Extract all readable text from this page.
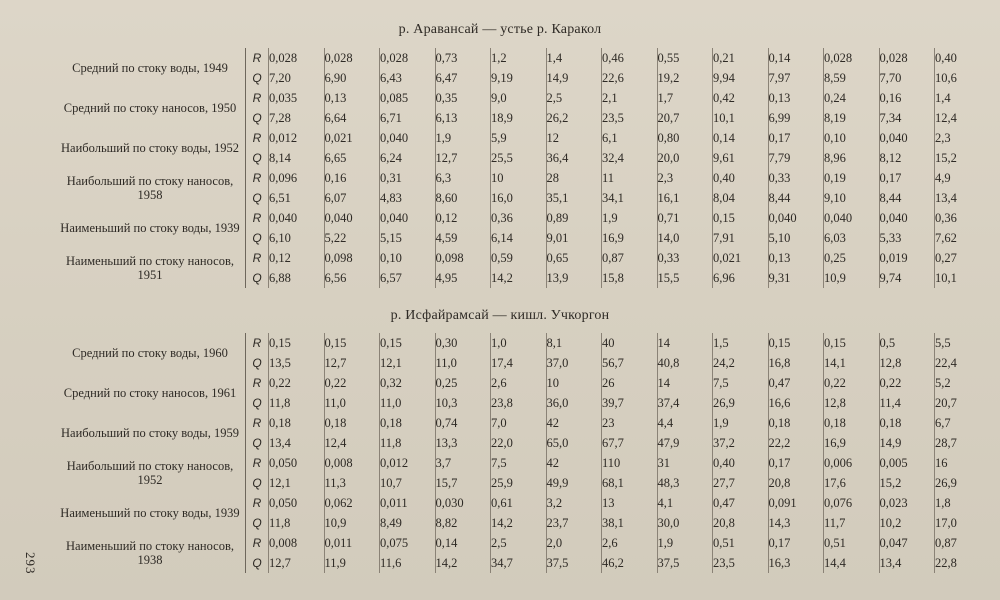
р. Аравансай — устье р. Каракол
Средний по стоку воды, 1949	R	0,028	0,028	0,028	0,73	1,2	1,4	0,46	0,55	0,21	0,14	0,028	0,028	0,40
	Q	7,20	6,90	6,43	6,47	9,19	14,9	22,6	19,2	9,94	7,97	8,59	7,70	10,6

Средний по стоку наносов, 1950	R	0,035	0,13	0,085	0,35	9,0	2,5	2,1	1,7	0,42	0,13	0,24	0,16	1,4
	Q	7,28	6,64	6,71	6,13	18,9	26,2	23,5	20,7	10,1	6,99	8,19	7,34	12,4

Наибольший по стоку воды, 1952	R	0,012	0,021	0,040	1,9	5,9	12	6,1	0,80	0,14	0,17	0,10	0,040	2,3
	Q	8,14	6,65	6,24	12,7	25,5	36,4	32,4	20,0	9,61	7,79	8,96	8,12	15,2

Наибольший по стоку наносов, 1958	R	0,096	0,16	0,31	6,3	10	28	11	2,3	0,40	0,33	0,19	0,17	4,9
	Q	6,51	6,07	4,83	8,60	16,0	35,1	34,1	16,1	8,04	8,44	9,10	8,44	13,4

Наименьший по стоку воды, 1939	R	0,040	0,040	0,040	0,12	0,36	0,89	1,9	0,71	0,15	0,040	0,040	0,040	0,36
	Q	6,10	5,22	5,15	4,59	6,14	9,01	16,9	14,0	7,91	5,10	6,03	5,33	7,62

Наименьший по стоку наносов, 1951	R	0,12	0,098	0,10	0,098	0,59	0,65	0,87	0,33	0,021	0,13	0,25	0,019	0,27
	Q	6,88	6,56	6,57	4,95	14,2	13,9	15,8	15,5	6,96	9,31	10,9	9,74	10,1
р. Исфайрамсай — кишл. Учкоргон
Средний по стоку воды, 1960	R	0,15	0,15	0,15	0,30	1,0	8,1	40	14	1,5	0,15	0,15	0,5	5,5
	Q	13,5	12,7	12,1	11,0	17,4	37,0	56,7	40,8	24,2	16,8	14,1	12,8	22,4

Средний по стоку наносов, 1961	R	0,22	0,22	0,32	0,25	2,6	10	26	14	7,5	0,47	0,22	0,22	5,2
	Q	11,8	11,0	11,0	10,3	23,8	36,0	39,7	37,4	26,9	16,6	12,8	11,4	20,7

Наибольший по стоку воды, 1959	R	0,18	0,18	0,18	0,74	7,0	42	23	4,4	1,9	0,18	0,18	0,18	6,7
	Q	13,4	12,4	11,8	13,3	22,0	65,0	67,7	47,9	37,2	22,2	16,9	14,9	28,7

Наибольший по стоку наносов, 1952	R	0,050	0,008	0,012	3,7	7,5	42	110	31	0,40	0,17	0,006	0,005	16
	Q	12,1	11,3	10,7	15,7	25,9	49,9	68,1	48,3	27,7	20,8	17,6	15,2	26,9

Наименьший по стоку воды, 1939	R	0,050	0,062	0,011	0,030	0,61	3,2	13	4,1	0,47	0,091	0,076	0,023	1,8
	Q	11,8	10,9	8,49	8,82	14,2	23,7	38,1	30,0	20,8	14,3	11,7	10,2	17,0

Наименьший по стоку наносов, 1938	R	0,008	0,011	0,075	0,14	2,5	2,0	2,6	1,9	0,51	0,17	0,51	0,047	0,87
	Q	12,7	11,9	11,6	14,2	34,7	37,5	46,2	37,5	23,5	16,3	14,4	13,4	22,8
293
